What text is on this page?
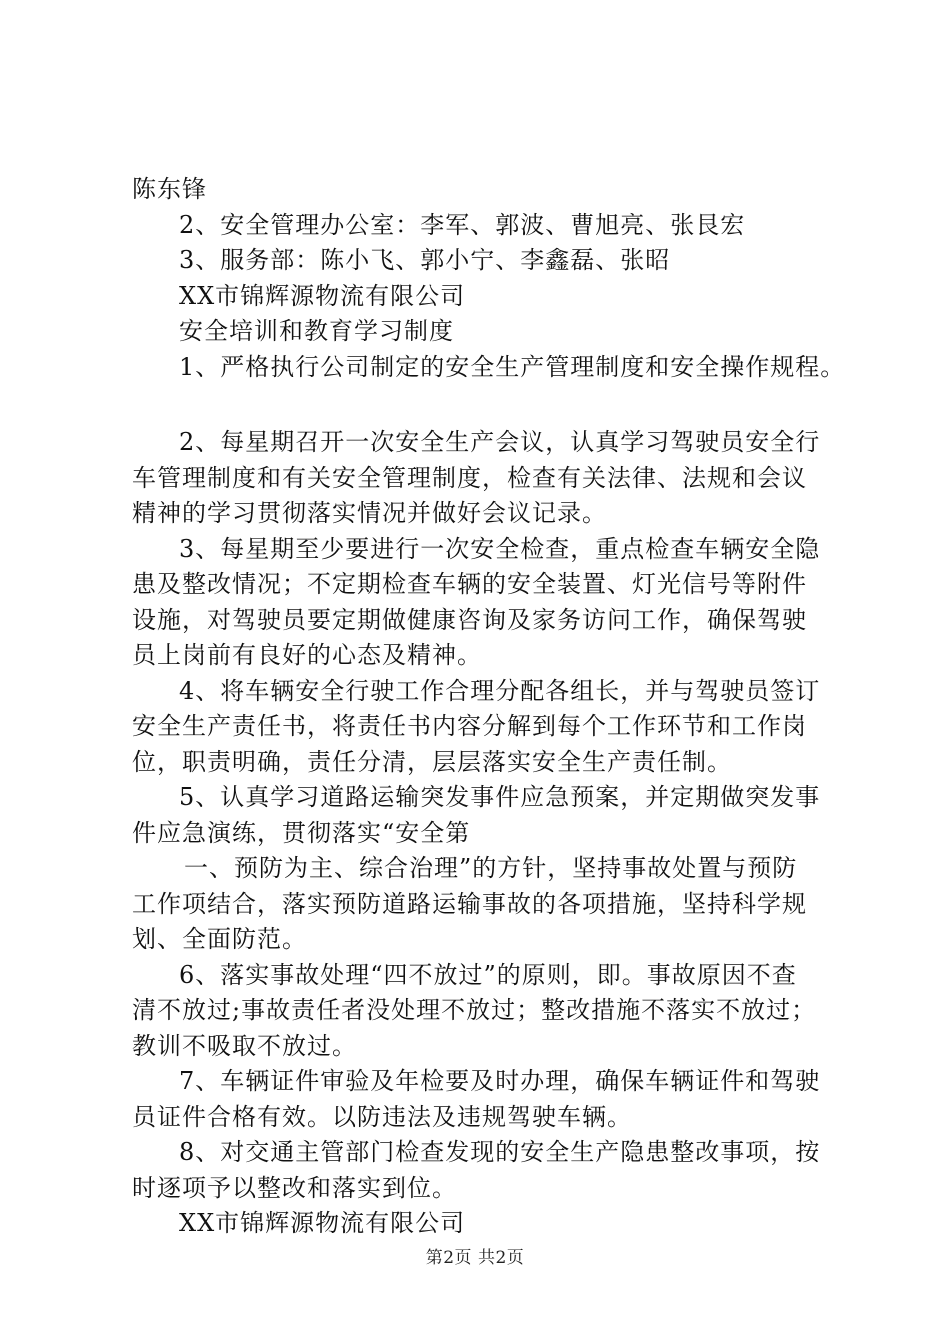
陈东锋
2、安全管理办公室：李军、郭波、曹旭亮、张艮宏
3、服务部：陈小飞、郭小宁、李鑫磊、张昭
XX市锦辉源物流有限公司
安全培训和教育学习制度
1、严格执行公司制定的安全生产管理制度和安全操作规程。
2、每星期召开一次安全生产会议，认真学习驾驶员安全行
车管理制度和有关安全管理制度，检查有关法律、法规和会议
精神的学习贯彻落实情况并做好会议记录。
3、每星期至少要进行一次安全检查，重点检查车辆安全隐
患及整改情况；不定期检查车辆的安全装置、灯光信号等附件
设施，对驾驶员要定期做健康咨询及家务访问工作，确保驾驶
员上岗前有良好的心态及精神。
4、将车辆安全行驶工作合理分配各组长，并与驾驶员签订
安全生产责任书，将责任书内容分解到每个工作环节和工作岗
位，职责明确，责任分清，层层落实安全生产责任制。
5、认真学习道路运输突发事件应急预案，并定期做突发事
件应急演练，贯彻落实“安全第
一、预防为主、综合治理”的方针，坚持事故处置与预防
工作项结合，落实预防道路运输事故的各项措施，坚持科学规
划、全面防范。
6、落实事故处理“四不放过”的原则，即。事故原因不查
清不放过;事故责任者没处理不放过；整改措施不落实不放过；
教训不吸取不放过。
7、车辆证件审验及年检要及时办理，确保车辆证件和驾驶
员证件合格有效。以防违法及违规驾驶车辆。
8、对交通主管部门检查发现的安全生产隐患整改事项，按
时逐项予以整改和落实到位。
XX市锦辉源物流有限公司
第2页 共2页
